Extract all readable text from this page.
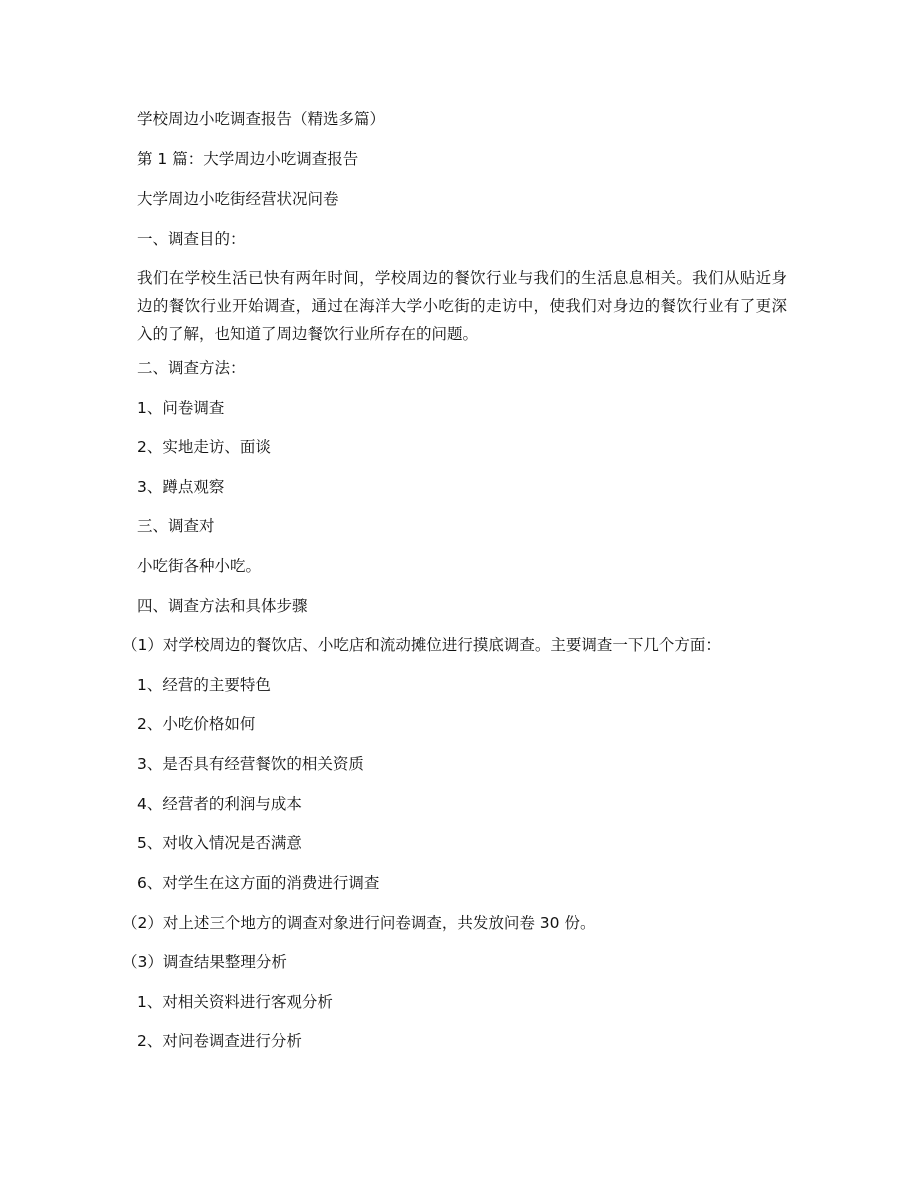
学校周边小吃调查报告（精选多篇）
第 1 篇：大学周边小吃调查报告
大学周边小吃街经营状况问卷
一、调查目的：
我们在学校生活已快有两年时间，学校周边的餐饮行业与我们的生活息息相关。我们从贴近身边的餐饮行业开始调查，通过在海洋大学小吃街的走访中，使我们对身边的餐饮行业有了更深入的了解，也知道了周边餐饮行业所存在的问题。
二、调查方法：
1、问卷调查
2、实地走访、面谈
3、蹲点观察
三、调查对
小吃街各种小吃。
四、调查方法和具体步骤
（1）对学校周边的餐饮店、小吃店和流动摊位进行摸底调查。主要调查一下几个方面：
1、经营的主要特色
2、小吃价格如何
3、是否具有经营餐饮的相关资质
4、经营者的利润与成本
5、对收入情况是否满意
6、对学生在这方面的消费进行调查
（2）对上述三个地方的调查对象进行问卷调查，共发放问卷 30 份。
（3）调查结果整理分析
1、对相关资料进行客观分析
2、对问卷调查进行分析
